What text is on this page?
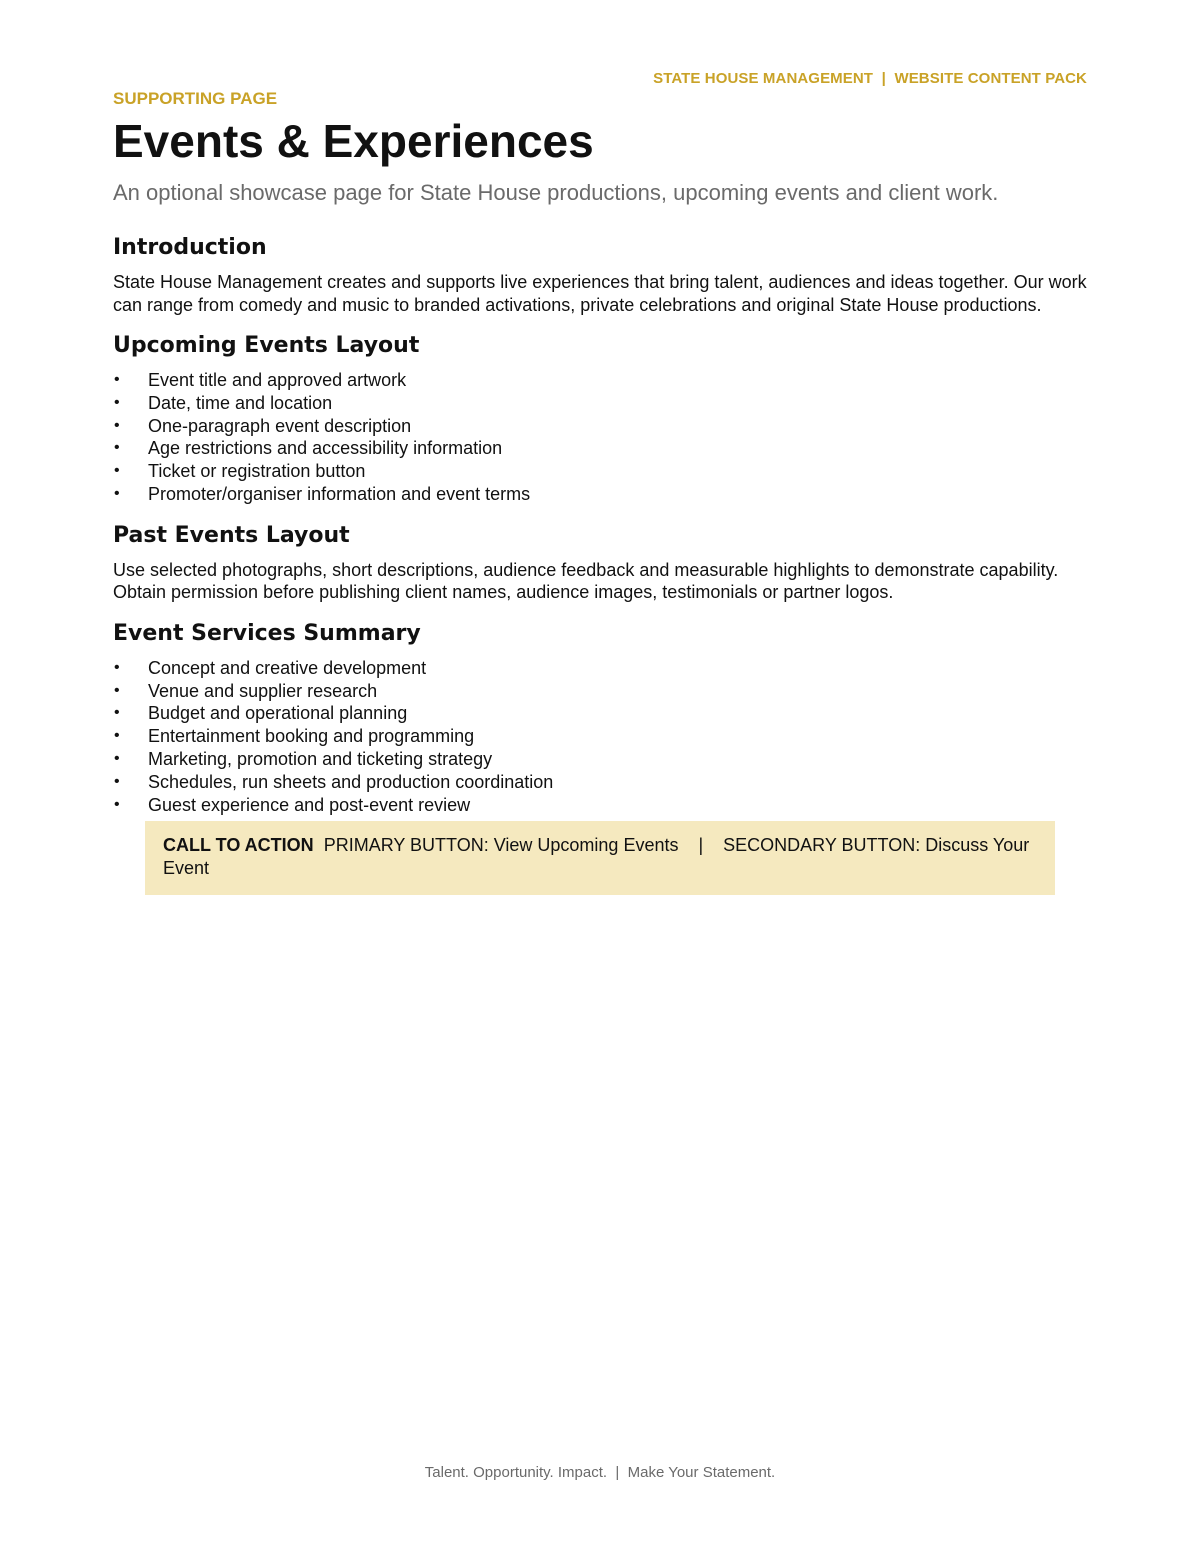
STATE HOUSE MANAGEMENT  |  WEBSITE CONTENT PACK

SUPPORTING PAGE

Events & Experiences

An optional showcase page for State House productions, upcoming events and client work.

Introduction

State House Management creates and supports live experiences that bring talent, audiences and ideas together. Our work can range from comedy and music to branded activations, private celebrations and original State House productions.

Upcoming Events Layout
• Event title and approved artwork
• Date, time and location
• One-paragraph event description
• Age restrictions and accessibility information
• Ticket or registration button
• Promoter/organiser information and event terms
Past Events Layout

Use selected photographs, short descriptions, audience feedback and measurable highlights to demonstrate capability. Obtain permission before publishing client names, audience images, testimonials or partner logos.

Event Services Summary
• Concept and creative development
• Venue and supplier research
• Budget and operational planning
• Entertainment booking and programming
• Marketing, promotion and ticketing strategy
• Schedules, run sheets and production coordination
• Guest experience and post-event review
CALL TO ACTION PRIMARY BUTTON: View Upcoming Events    |    SECONDARY BUTTON: Discuss Your Event
Talent. Opportunity. Impact.  |  Make Your Statement.
